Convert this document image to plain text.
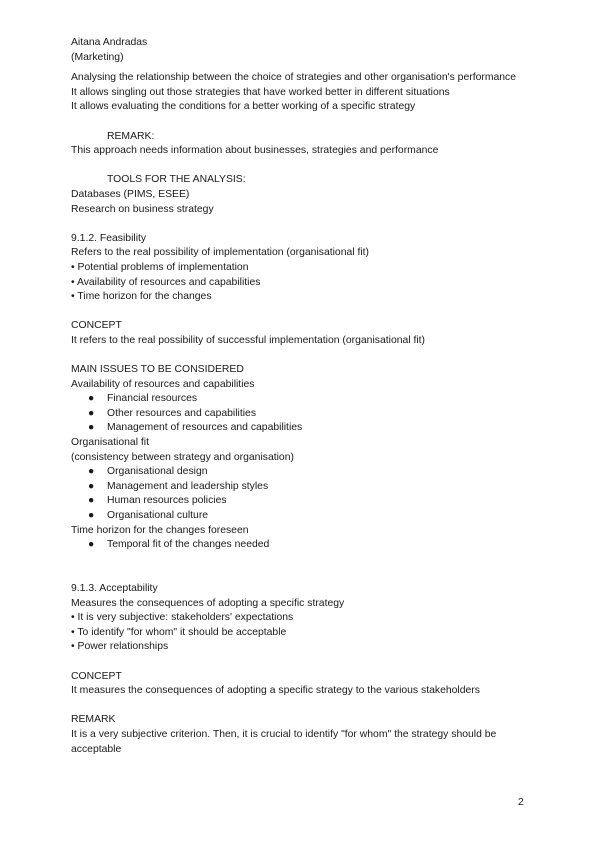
Aitana Andradas
(Marketing)
Analysing the relationship between the choice of strategies and other organisation's performance
It allows singling out those strategies that have worked better in different situations
It allows evaluating the conditions for a better working of a specific strategy
REMARK:
This approach needs information about businesses, strategies and performance
TOOLS FOR THE ANALYSIS:
Databases (PIMS, ESEE)
Research on business strategy
9.1.2. Feasibility
Refers to the real possibility of implementation (organisational fit)
• Potential problems of implementation
• Availability of resources and capabilities
• Time horizon for the changes
CONCEPT
It refers to the real possibility of successful implementation (organisational fit)
MAIN ISSUES TO BE CONSIDERED
Availability of resources and capabilities
● Financial resources
● Other resources and capabilities
● Management of resources and capabilities
Organisational fit
(consistency between strategy and organisation)
● Organisational design
● Management and leadership styles
● Human resources policies
● Organisational culture
Time horizon for the changes foreseen
● Temporal fit of the changes needed
9.1.3. Acceptability
Measures the consequences of adopting a specific strategy
• It is very subjective: stakeholders' expectations
• To identify "for whom" it should be acceptable
• Power relationships
CONCEPT
It measures the consequences of adopting a specific strategy to the various stakeholders
REMARK
It is a very subjective criterion. Then, it is crucial to identify "for whom" the strategy should be acceptable
2
